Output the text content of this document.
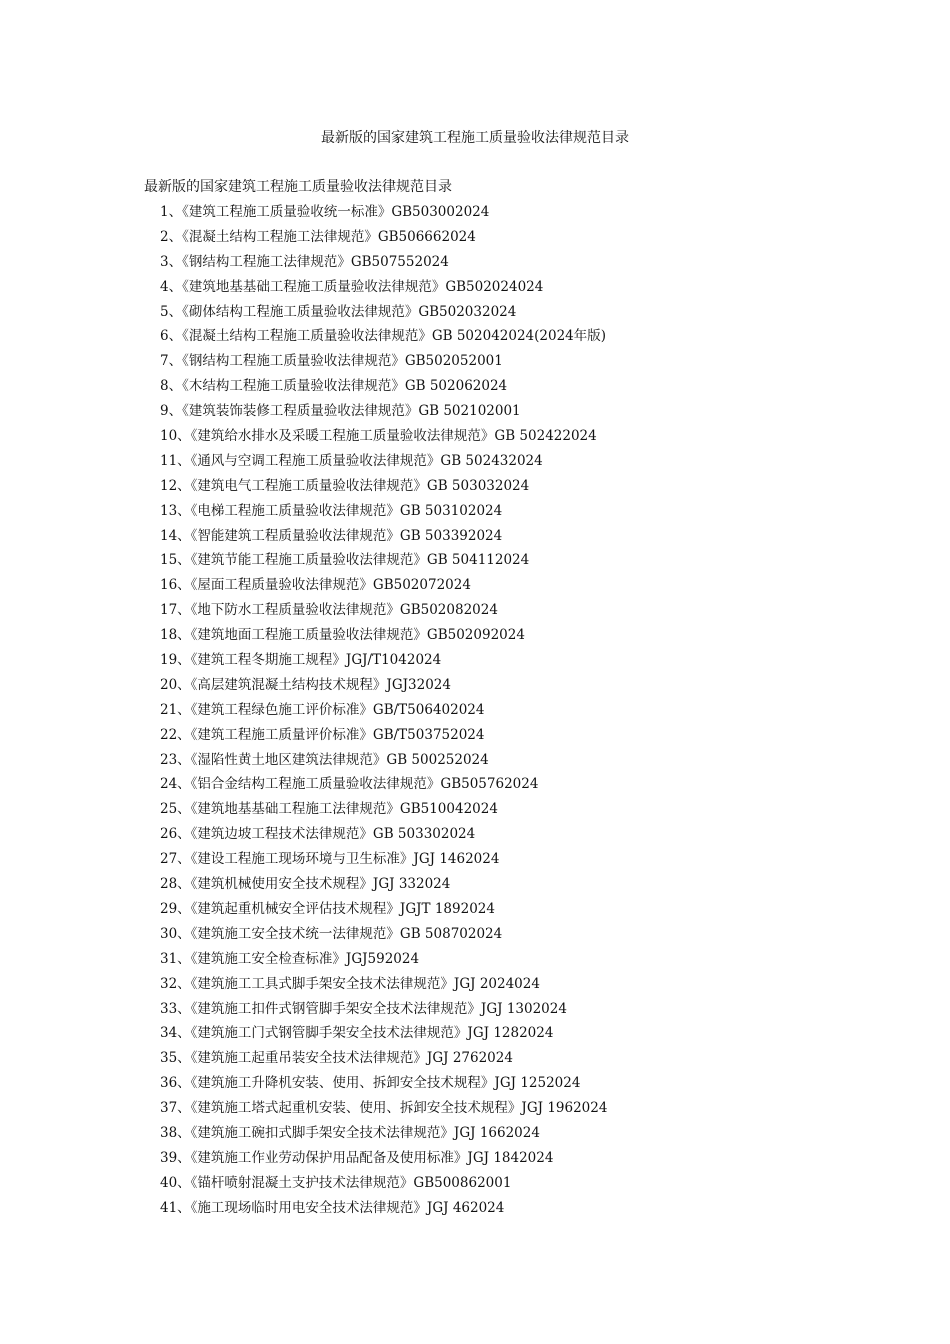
最新版的国家建筑工程施工质量验收法律规范目录
最新版的国家建筑工程施工质量验收法律规范目录
1、《建筑工程施工质量验收统一标准》GB503002024
2、《混凝土结构工程施工法律规范》GB506662024
3、《钢结构工程施工法律规范》GB507552024
4、《建筑地基基础工程施工质量验收法律规范》GB502024024
5、《砌体结构工程施工质量验收法律规范》GB502032024
6、《混凝土结构工程施工质量验收法律规范》GB 502042024(2024年版)
7、《钢结构工程施工质量验收法律规范》GB502052001
8、《木结构工程施工质量验收法律规范》GB 502062024
9、《建筑装饰装修工程质量验收法律规范》GB 502102001
10、《建筑给水排水及采暖工程施工质量验收法律规范》GB 502422024
11、《通风与空调工程施工质量验收法律规范》GB 502432024
12、《建筑电气工程施工质量验收法律规范》GB 503032024
13、《电梯工程施工质量验收法律规范》GB 503102024
14、《智能建筑工程质量验收法律规范》GB 503392024
15、《建筑节能工程施工质量验收法律规范》GB 504112024
16、《屋面工程质量验收法律规范》GB502072024
17、《地下防水工程质量验收法律规范》GB502082024
18、《建筑地面工程施工质量验收法律规范》GB502092024
19、《建筑工程冬期施工规程》JGJ/T1042024
20、《高层建筑混凝土结构技术规程》JGJ32024
21、《建筑工程绿色施工评价标准》GB/T506402024
22、《建筑工程施工质量评价标准》GB/T503752024
23、《湿陷性黄土地区建筑法律规范》GB 500252024
24、《铝合金结构工程施工质量验收法律规范》GB505762024
25、《建筑地基基础工程施工法律规范》GB510042024
26、《建筑边坡工程技术法律规范》GB 503302024
27、《建设工程施工现场环境与卫生标准》JGJ 1462024
28、《建筑机械使用安全技术规程》JGJ 332024
29、《建筑起重机械安全评估技术规程》JGJT 1892024
30、《建筑施工安全技术统一法律规范》GB 508702024
31、《建筑施工安全检查标准》JGJ592024
32、《建筑施工工具式脚手架安全技术法律规范》JGJ 2024024
33、《建筑施工扣件式钢管脚手架安全技术法律规范》JGJ 1302024
34、《建筑施工门式钢管脚手架安全技术法律规范》JGJ 1282024
35、《建筑施工起重吊装安全技术法律规范》JGJ 2762024
36、《建筑施工升降机安装、使用、拆卸安全技术规程》JGJ 1252024
37、《建筑施工塔式起重机安装、使用、拆卸安全技术规程》JGJ 1962024
38、《建筑施工碗扣式脚手架安全技术法律规范》JGJ 1662024
39、《建筑施工作业劳动保护用品配备及使用标准》JGJ 1842024
40、《锚杆喷射混凝土支护技术法律规范》GB500862001
41、《施工现场临时用电安全技术法律规范》JGJ 462024
